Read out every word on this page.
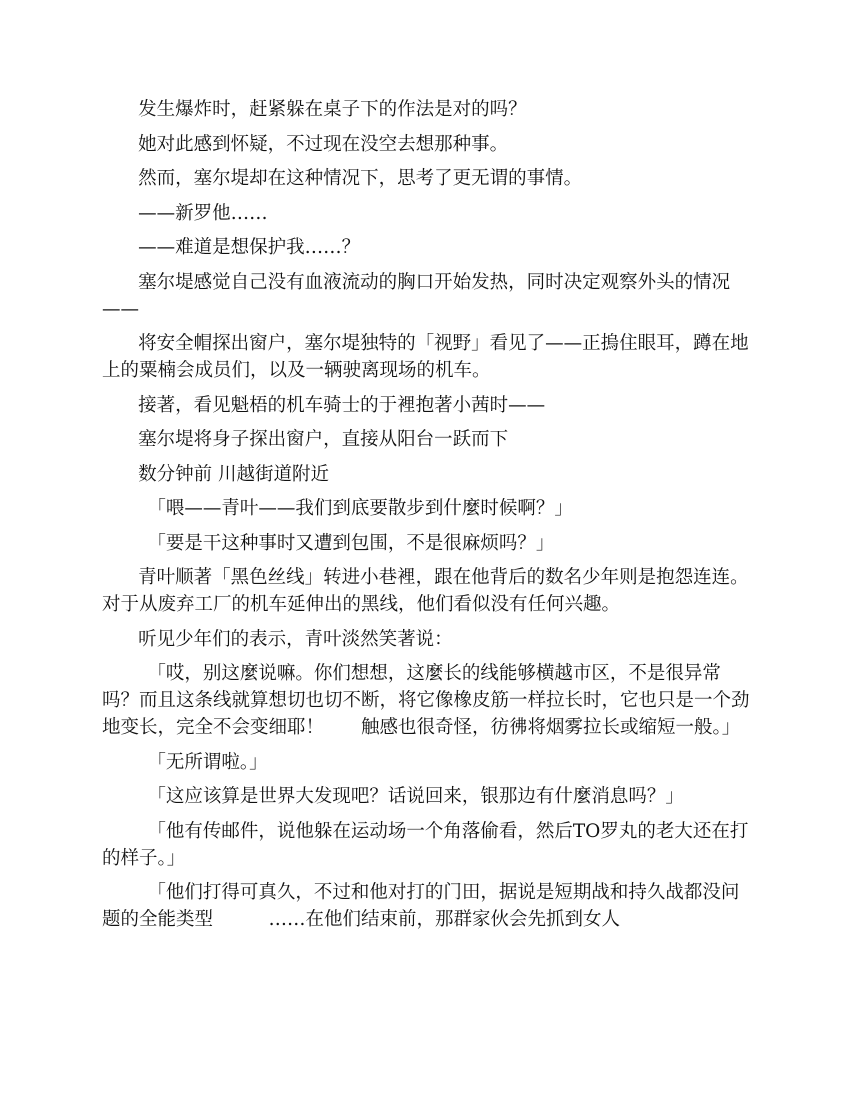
发生爆炸时，赶紧躲在桌子下的作法是对的吗？

她对此感到怀疑，不过现在没空去想那种事。

然而，塞尔堤却在这种情况下，思考了更无谓的事情。

——新罗他……

——难道是想保护我……？

塞尔堤感觉自己没有血液流动的胸口开始发热，同时决定观察外头的情况——

将安全帽探出窗户，塞尔堤独特的「视野」看见了——正摀住眼耳，蹲在地上的粟楠会成员们，以及一辆驶离现场的机车。

接著，看见魁梧的机车骑士的于裡抱著小茜时——

塞尔堤将身子探出窗户，直接从阳台一跃而下

数分钟前 川越街道附近

「喂——青叶——我们到底要散步到什麼时候啊？」

「要是干这种事时又遭到包围，不是很麻烦吗？」

青叶顺著「黑色丝线」转进小巷裡，跟在他背后的数名少年则是抱怨连连。对于从废弃工厂的机车延伸出的黑线，他们看似没有任何兴趣。

听见少年们的表示，青叶淡然笑著说：

「哎，别这麼说嘛。你们想想，这麼长的线能够横越市区，不是很异常吗？而且这条线就算想切也切不断，将它像橡皮筋一样拉长时，它也只是一个劲地变长，完全不会变细耶！　　触感也很奇怪，彷彿将烟雾拉长或缩短一般。」

「无所谓啦。」

「这应该算是世界大发现吧？话说回来，银那边有什麼消息吗？」

「他有传邮件，说他躲在运动场一个角落偷看，然后TO罗丸的老大还在打的样子。」

「他们打得可真久，不过和他对打的门田，据说是短期战和持久战都没问题的全能类型　　　……在他们结束前，那群家伙会先抓到女人
